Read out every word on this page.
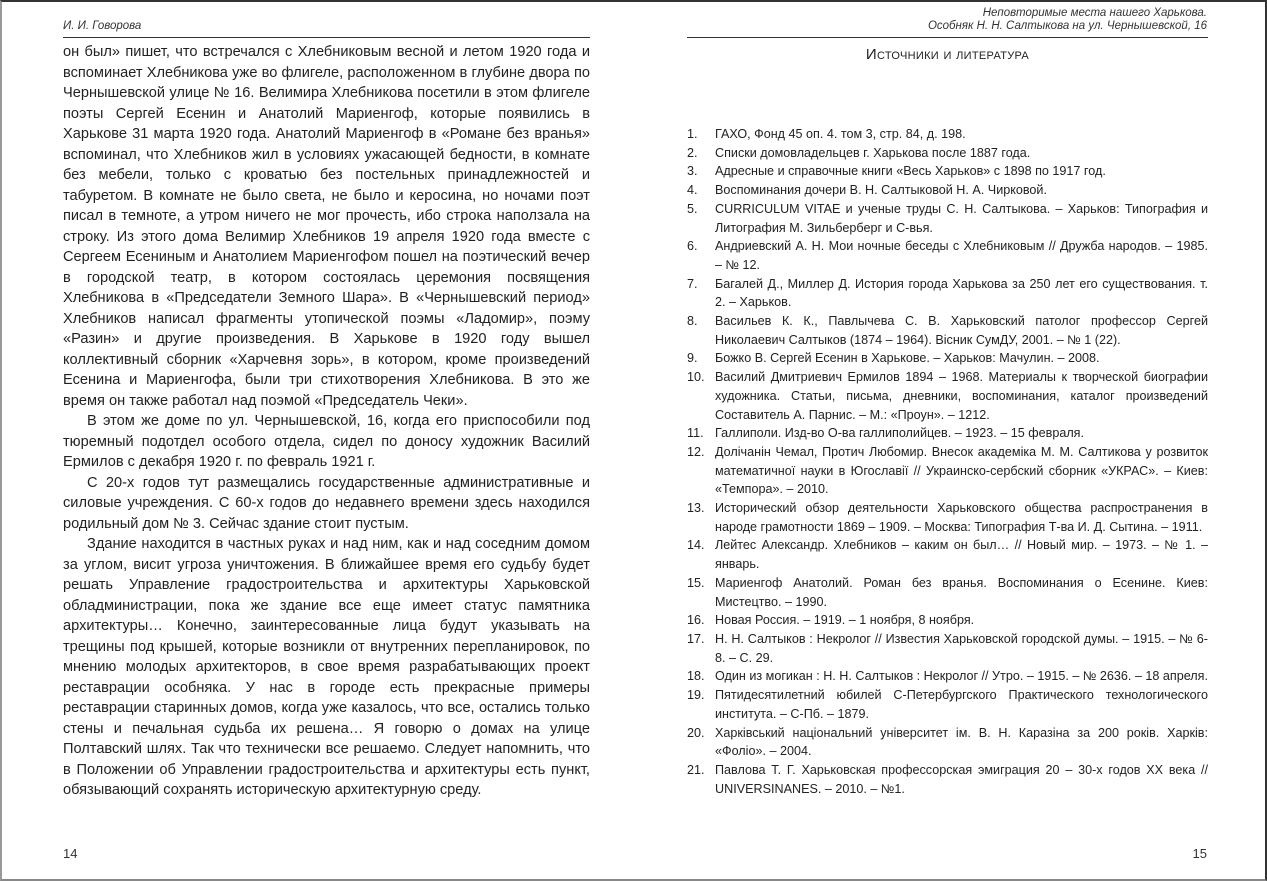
И. И. Говорова

он был» пишет, что встречался с Хлебниковым весной и летом 1920 года и вспоминает Хлебникова уже во флигеле, расположенном в глубине двора по Чернышевской улице № 16. Велимира Хлебникова посетили в этом флигеле поэты Сергей Есенин и Анатолий Мариенгоф, которые появились в Харькове 31 марта 1920 года. Анатолий Мариенгоф в «Романе без вранья» вспоминал, что Хлебников жил в условиях ужасающей бедности, в комнате без мебели, только с кроватью без постельных принадлежностей и табуретом. В комнате не было света, не было и керосина, но ночами поэт писал в темноте, а утром ничего не мог прочесть, ибо строка наползала на строку. Из этого дома Велимир Хлебников 19 апреля 1920 года вместе с Сергеем Есениным и Анатолием Мариенгофом пошел на поэтический вечер в городской театр, в котором состоялась церемония посвящения Хлебникова в «Председатели Земного Шара». В «Чернышевский период» Хлебников написал фрагменты утопической поэмы «Ладомир», поэму «Разин» и другие произведения. В Харькове в 1920 году вышел коллективный сборник «Харчевня зорь», в котором, кроме произведений Есенина и Мариенгофа, были три стихотворения Хлебникова. В это же время он также работал над поэмой «Председатель Чеки».

В этом же доме по ул. Чернышевской, 16, когда его приспособили под тюремный подотдел особого отдела, сидел по доносу художник Василий Ермилов с декабря 1920 г. по февраль 1921 г.

С 20-х годов тут размещались государственные административные и силовые учреждения. С 60-х годов до недавнего времени здесь находился родильный дом № 3. Сейчас здание стоит пустым.

Здание находится в частных руках и над ним, как и над соседним домом за углом, висит угроза уничтожения. В ближайшее время его судьбу будет решать Управление градостроительства и архитектуры Харьковской обладминистрации, пока же здание все еще имеет статус памятника архитектуры… Конечно, заинтересованные лица будут указывать на трещины под крышей, которые возникли от внутренних перепланировок, по мнению молодых архитекторов, в свое время разрабатывающих проект реставрации особняка. У нас в городе есть прекрасные примеры реставрации старинных домов, когда уже казалось, что все, остались только стены и печальная судьба их решена… Я говорю о домах на улице Полтавский шлях. Так что технически все решаемо. Следует напомнить, что в Положении об Управлении градостроительства и архитектуры есть пункт, обязывающий сохранять историческую архитектурную среду.

14
Неповторимые места нашего Харькова.
Особняк Н. Н. Салтыкова на ул. Чернышевской, 16
Источники и литература
1. ГАХО, Фонд 45 оп. 4. том 3, стр. 84, д. 198.
2. Списки домовладельцев г. Харькова после 1887 года.
3. Адресные и справочные книги «Весь Харьков» с 1898 по 1917 год.
4. Воспоминания дочери В. Н. Салтыковой Н. А. Чирковой.
5. CURRICULUM VITAE и ученые труды С. Н. Салтыкова. – Харьков: Типография и Литография М. Зильберберг и С-вья.
6. Андриевский А. Н. Мои ночные беседы с Хлебниковым // Дружба народов. – 1985. – № 12.
7. Багалей Д., Миллер Д. История города Харькова за 250 лет его существования. т. 2. – Харьков.
8. Васильев К. К., Павлычева С. В. Харьковский патолог профессор Сергей Николаевич Салтыков (1874 – 1964). Вісник СумДУ, 2001. – № 1 (22).
9. Божко В. Сергей Есенин в Харькове. – Харьков: Мачулин. – 2008.
10. Василий Дмитриевич Ермилов 1894 – 1968. Материалы к творческой биографии художника. Статьи, письма, дневники, воспоминания, каталог произведений Составитель А. Парнис. – М.: «Проун». – 1212.
11. Галлиполи. Изд-во О-ва галлиполийцев. – 1923. – 15 февраля.
12. Долічанін Чемал, Протич Любомир. Внесок академіка М. М. Салтикова у розвиток математичної науки в Югославії // Украинско-сербский сборник «УКРАС». – Киев: «Темпора». – 2010.
13. Исторический обзор деятельности Харьковского общества распространения в народе грамотности 1869 – 1909. – Москва: Типография Т-ва И. Д. Сытина. – 1911.
14. Лейтес Александр. Хлебников – каким он был… // Новый мир. – 1973. – № 1. – январь.
15. Мариенгоф Анатолий. Роман без вранья. Воспоминания о Есенине. Киев: Мистецтво. – 1990.
16. Новая Россия. – 1919. – 1 ноября, 8 ноября.
17. Н. Н. Салтыков : Некролог // Известия Харьковской городской думы. – 1915. – № 6-8. – С. 29.
18. Один из могикан : Н. Н. Салтыков : Некролог // Утро. – 1915. – № 2636. – 18 апреля.
19. Пятидесятилетний юбилей С-Петербургского Практического технологического института. – С-Пб. – 1879.
20. Харківський національний університет ім. В. Н. Каразіна за 200 років. Харків: «Фоліо». – 2004.
21. Павлова Т. Г. Харьковская профессорская эмиграция 20 – 30-х годов XX века // UNIVERSINANES. – 2010. – №1.
15
